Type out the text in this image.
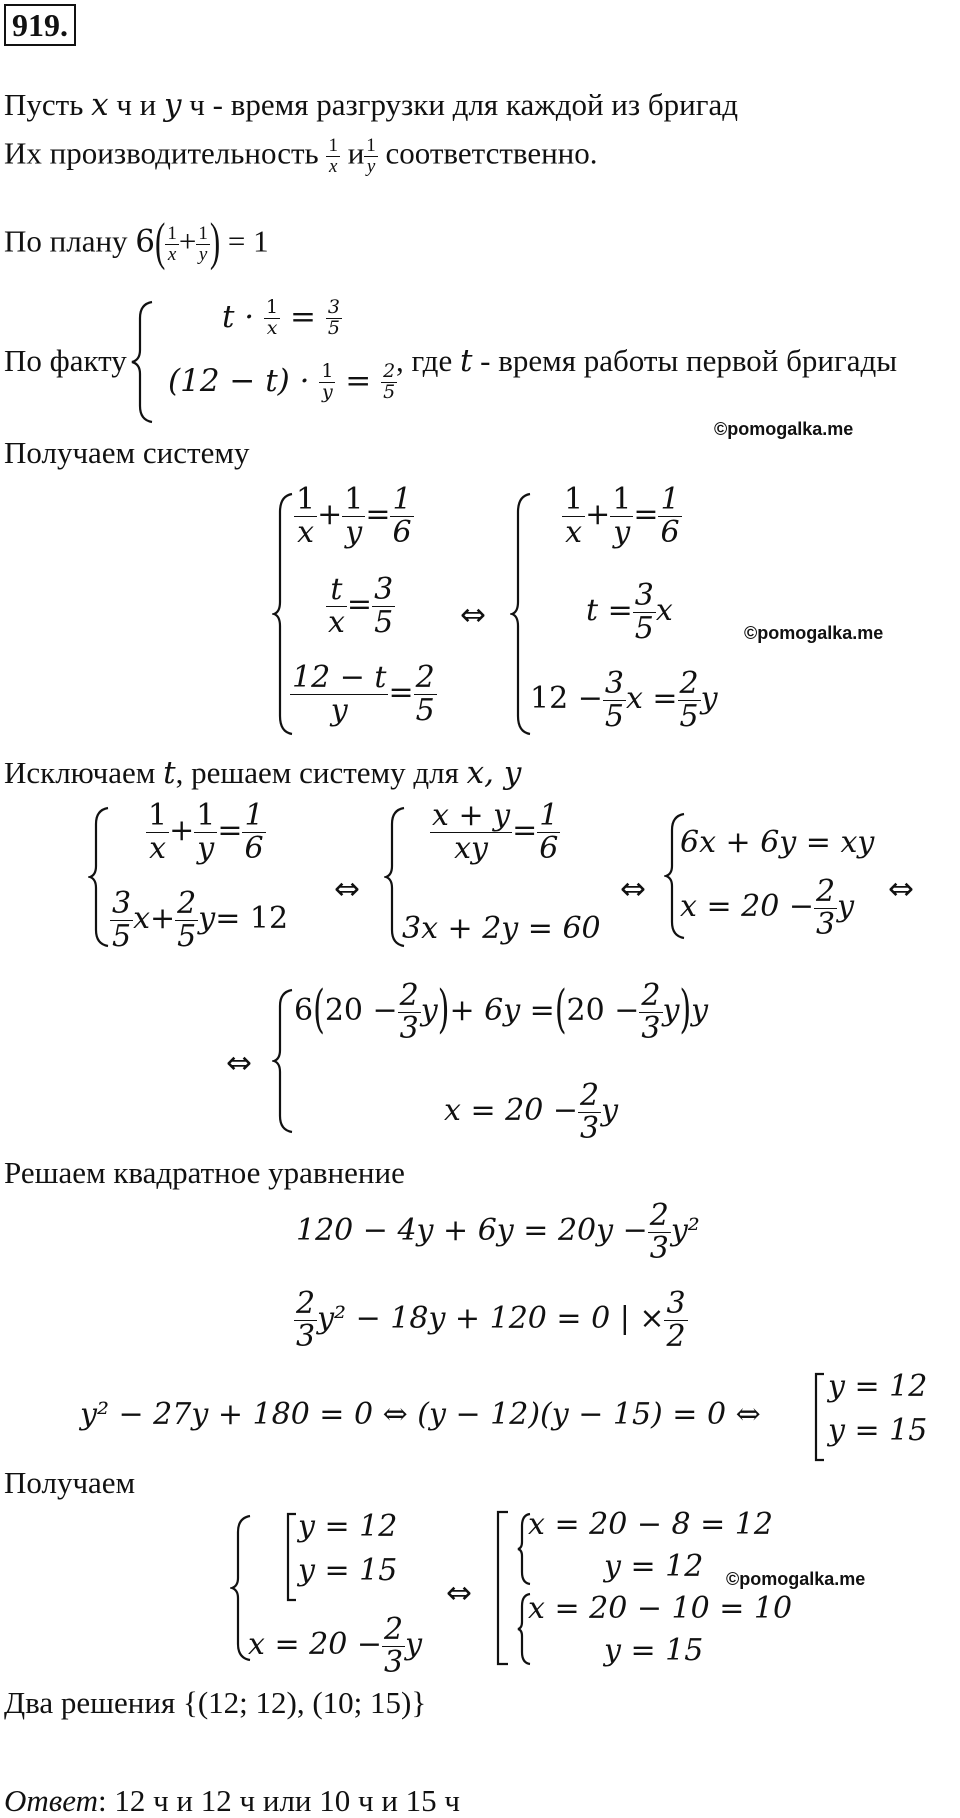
919.
Пусть x ч и y ч - время разгрузки для каждой из бригад
Их производительность $\frac{1}{x}$ и $\frac{1}{y}$ соответственно.
По плану $6( \frac{1}{x} + \frac{1}{y}$ ) = 1
По факту
$t \cdot \frac{1}{x} = \frac{3}{5}$
$(12 - t) \cdot \frac{1}{y} = \frac{2}{5}$
, где t - время работы первой бригады
©pomogalka.me
Получаем систему
$\frac{1}{x} + \frac{1}{y} = \frac{1}{6}$
$\frac{t}{x} = \frac{3}{5}$
$\frac{12 - t}{y} = \frac{2}{5}$
⇔
$\frac{1}{x} + \frac{1}{y} = \frac{1}{6}$
$t = \frac{3}{5}$ x
©pomogalka.me
$12 - \frac{3}{5}$ $x = \frac{2}{5}$ y
Исключаем t, решаем систему для x, y
$\frac{1}{x} + \frac{1}{y} = \frac{1}{6}$
$\frac{3}{5} x+ \frac{2}{5} y= 12$
⇔
$\frac{x + y}{xy} = \frac{1}{6}$
3x + 2y = 60
⇔
6x + 6y = xy
$x = 20 - \frac{2}{3}$ y ⇔
⇔
$6(20 - \frac{2}{3} y)+ 6y =(20 - \frac{2}{3} y)y$
$x = 20 - \frac{2}{3}$ y
Решаем квадратное уравнение
$120 - 4y + 6y = 20y - \frac{2}{3} y^2$
$\frac{2}{3} y^2 - 18y + 120 = 0$ | × $\frac{3}{2}$
y² − 27y + 180 = 0 ⇔ (y − 12)(y − 15) = 0 ⇔
y = 12
y = 15
Получаем
y = 12
y = 15
$x = 20 - \frac{2}{3}$ y
⇔
x = 20 − 8 = 12
y = 12 ©pomogalka.me
x = 20 − 10 = 10
y = 15
Два решения {(12; 12), (10; 15)}
Ответ: 12 ч и 12 ч или 10 ч и 15 ч
